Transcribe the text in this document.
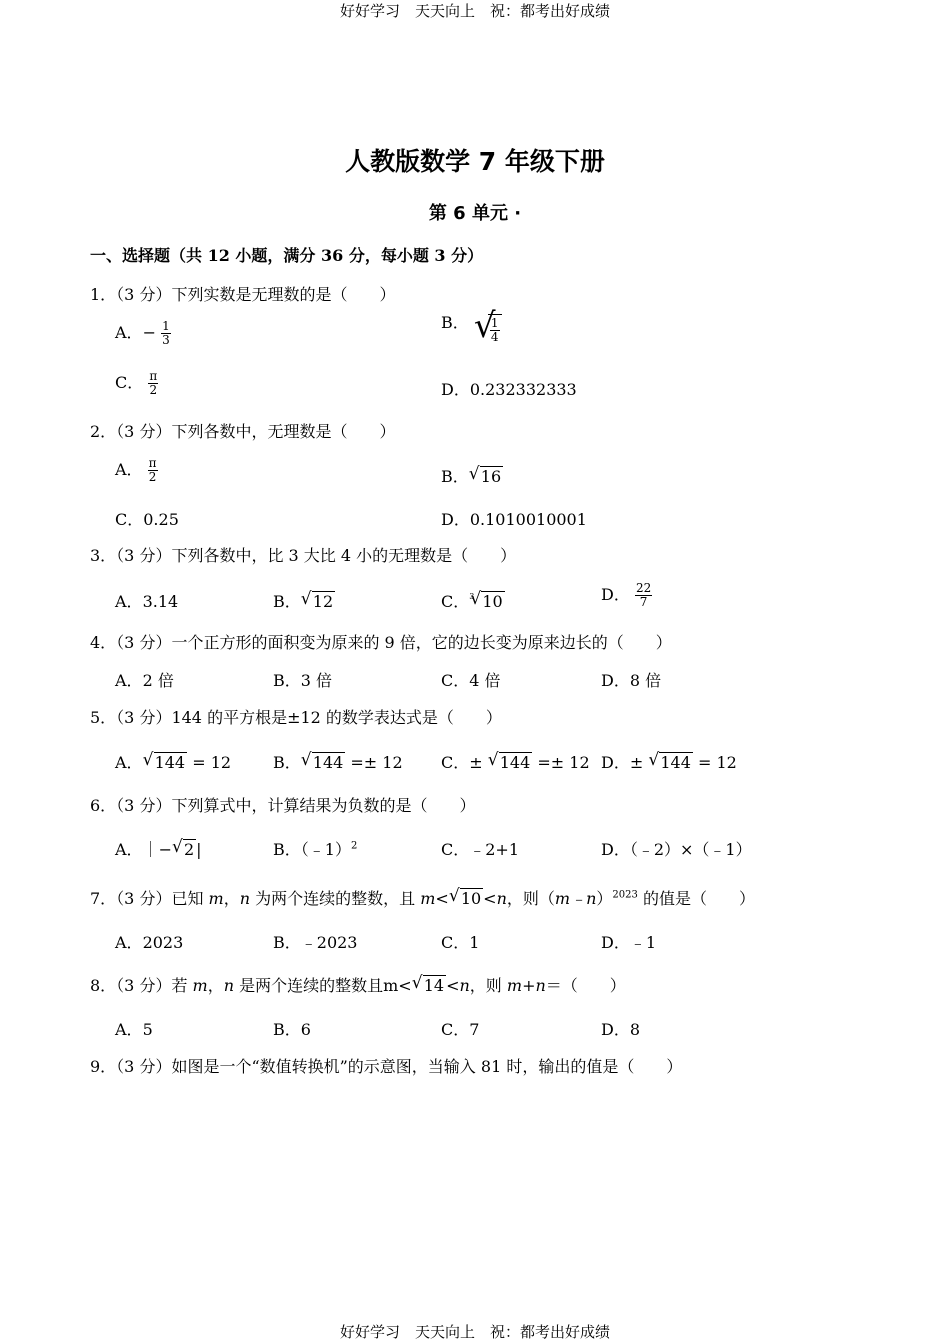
好好学习　天天向上　祝：都考出好成绩
人教版数学 7 年级下册
第 6 单元 ·
一、选择题（共 12 小题，满分 36 分，每小题 3 分）
1．（3 分）下列实数是无理数的是（　　）
A．− $\frac{1}{3}$	B． √ $\frac{1}{4}$
C． $\frac{\pi}{2}$	D．0.232332333
2．（3 分）下列各数中，无理数是（　　）
A． $\frac{\pi}{2}$	B． √ 16
C．0.25	D．0.1010010001
3．（3 分）下列各数中，比 3 大比 4 小的无理数是（　　）
A．3.14	B． √ 12	C．$^3$ √ 10	D． $\frac{22}{7}$
4．（3 分）一个正方形的面积变为原来的 9 倍，它的边长变为原来边长的（　　）
A．2 倍	B．3 倍	C．4 倍	D．8 倍
5．（3 分）144 的平方根是±12 的数学表达式是（　　）
A． √ 144 = 12	B． √ 144 =± 12 C．± √ 144 =± 12 D．± √ 144 = 12
6．（3 分）下列算式中，计算结果为负数的是（　　）
A．｜− √ 2 |	B．（﹣1）$^2$	C．﹣2+1	D．（﹣2）×（﹣1）
7．（3 分）已知 m，n 为两个连续的整数，且 m< √ 10 <n，则（m﹣n）$^{2023}$ 的值是（　　）
A．2023	B．﹣2023	C．1	D．﹣1
8．（3 分）若 m，n 是两个连续的整数且m< √ 14 <n，则 m+n＝（　　）
A．5	B．6	C．7	D．8
9．（3 分）如图是一个“数值转换机”的示意图，当输入 81 时，输出的值是（　　）
好好学习　天天向上　祝：都考出好成绩
